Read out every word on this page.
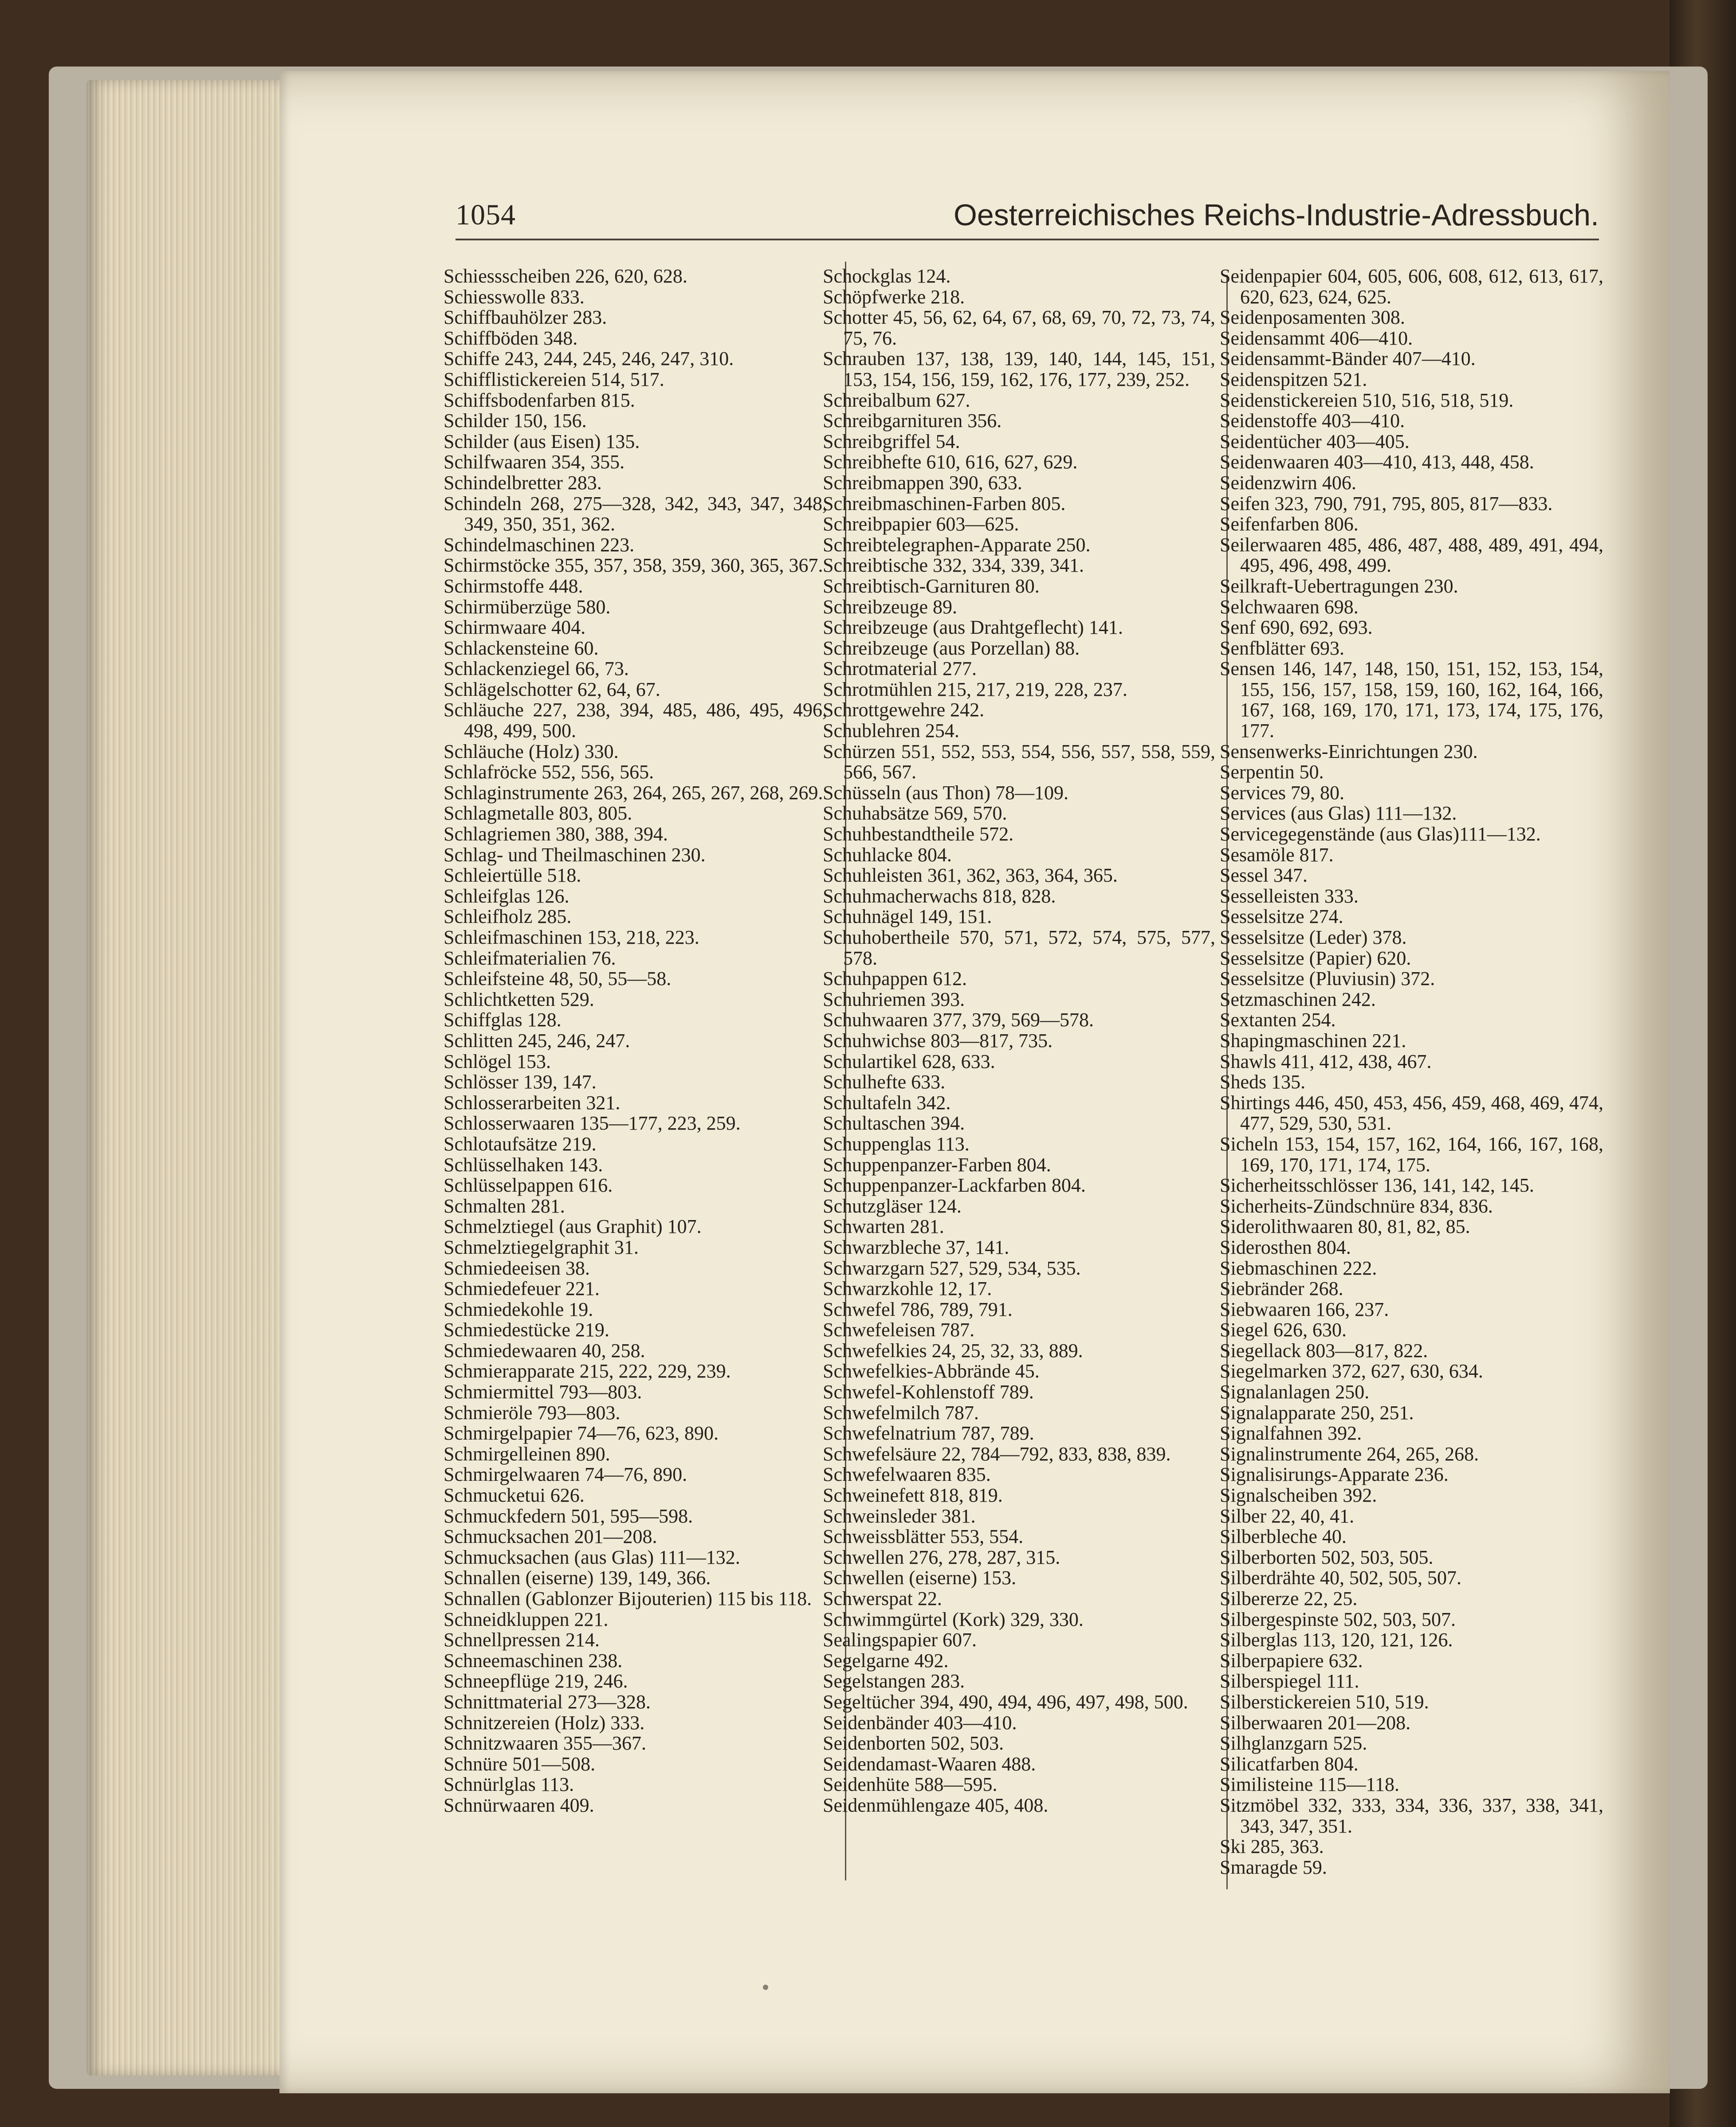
1054	Oesterreichisches Reichs-Industrie-Adressbuch.

Schiessscheiben 226, 620, 628.

Schiesswolle 833.

Schiffbauhölzer 283.

Schiffböden 348.

Schiffe 243, 244, 245, 246, 247, 310.

Schifflistickereien 514, 517.

Schiffsbodenfarben 815.

Schilder 150, 156.

Schilder (aus Eisen) 135.

Schilfwaaren 354, 355.

Schindelbretter 283.

Schindeln 268, 275—328, 342, 343, 347, 348, 349, 350, 351, 362.

Schindelmaschinen 223.

Schirmstöcke 355, 357, 358, 359, 360, 365, 367.

Schirmstoffe 448.

Schirmüberzüge 580.

Schirmwaare 404.

Schlackensteine 60.

Schlackenziegel 66, 73.

Schlägelschotter 62, 64, 67.

Schläuche 227, 238, 394, 485, 486, 495, 496, 498, 499, 500.

Schläuche (Holz) 330.

Schlafröcke 552, 556, 565.

Schlaginstrumente 263, 264, 265, 267, 268, 269.

Schlagmetalle 803, 805.

Schlagriemen 380, 388, 394.

Schlag- und Theilmaschinen 230.

Schleiertülle 518.

Schleifglas 126.

Schleifholz 285.

Schleifmaschinen 153, 218, 223.

Schleifmaterialien 76.

Schleifsteine 48, 50, 55—58.

Schlichtketten 529.

Schiffglas 128.

Schlitten 245, 246, 247.

Schlögel 153.

Schlösser 139, 147.

Schlosserarbeiten 321.

Schlosserwaaren 135—177, 223, 259.

Schlotaufsätze 219.

Schlüsselhaken 143.

Schlüsselpappen 616.

Schmalten 281.

Schmelztiegel (aus Graphit) 107.

Schmelztiegelgraphit 31.

Schmiedeeisen 38.

Schmiedefeuer 221.

Schmiedekohle 19.

Schmiedestücke 219.

Schmiedewaaren 40, 258.

Schmierapparate 215, 222, 229, 239.

Schmiermittel 793—803.

Schmieröle 793—803.

Schmirgelpapier 74—76, 623, 890.

Schmirgelleinen 890.

Schmirgelwaaren 74—76, 890.

Schmucketui 626.

Schmuckfedern 501, 595—598.

Schmucksachen 201—208.

Schmucksachen (aus Glas) 111—132.

Schnallen (eiserne) 139, 149, 366.

Schnallen (Gablonzer Bijouterien) 115 bis 118.

Schneidkluppen 221.

Schnellpressen 214.

Schneemaschinen 238.

Schneepflüge 219, 246.

Schnittmaterial 273—328.

Schnitzereien (Holz) 333.

Schnitzwaaren 355—367.

Schnüre 501—508.

Schnürlglas 113.

Schnürwaaren 409.

Schockglas 124.

Schöpfwerke 218.

Schotter 45, 56, 62, 64, 67, 68, 69, 70, 72, 73, 74, 75, 76.

Schrauben 137, 138, 139, 140, 144, 145, 151, 153, 154, 156, 159, 162, 176, 177, 239, 252.

Schreibalbum 627.

Schreibgarnituren 356.

Schreibgriffel 54.

Schreibhefte 610, 616, 627, 629.

Schreibmappen 390, 633.

Schreibmaschinen-Farben 805.

Schreibpapier 603—625.

Schreibtelegraphen-Apparate 250.

Schreibtische 332, 334, 339, 341.

Schreibtisch-Garnituren 80.

Schreibzeuge 89.

Schreibzeuge (aus Drahtgeflecht) 141.

Schreibzeuge (aus Porzellan) 88.

Schrotmaterial 277.

Schrotmühlen 215, 217, 219, 228, 237.

Schrottgewehre 242.

Schublehren 254.

Schürzen 551, 552, 553, 554, 556, 557, 558, 559, 566, 567.

Schüsseln (aus Thon) 78—109.

Schuhabsätze 569, 570.

Schuhbestandtheile 572.

Schuhlacke 804.

Schuhleisten 361, 362, 363, 364, 365.

Schuhmacherwachs 818, 828.

Schuhnägel 149, 151.

Schuhobertheile 570, 571, 572, 574, 575, 577, 578.

Schuhpappen 612.

Schuhriemen 393.

Schuhwaaren 377, 379, 569—578.

Schuhwichse 803—817, 735.

Schulartikel 628, 633.

Schulhefte 633.

Schultafeln 342.

Schultaschen 394.

Schuppenglas 113.

Schuppenpanzer-Farben 804.

Schuppenpanzer-Lackfarben 804.

Schutzgläser 124.

Schwarten 281.

Schwarzbleche 37, 141.

Schwarzgarn 527, 529, 534, 535.

Schwarzkohle 12, 17.

Schwefel 786, 789, 791.

Schwefeleisen 787.

Schwefelkies 24, 25, 32, 33, 889.

Schwefelkies-Abbrände 45.

Schwefel-Kohlenstoff 789.

Schwefelmilch 787.

Schwefelnatrium 787, 789.

Schwefelsäure 22, 784—792, 833, 838, 839.

Schwefelwaaren 835.

Schweinefett 818, 819.

Schweinsleder 381.

Schweissblätter 553, 554.

Schwellen 276, 278, 287, 315.

Schwellen (eiserne) 153.

Schwerspat 22.

Schwimmgürtel (Kork) 329, 330.

Sealingspapier 607.

Segelgarne 492.

Segelstangen 283.

Segeltücher 394, 490, 494, 496, 497, 498, 500.

Seidenbänder 403—410.

Seidenborten 502, 503.

Seidendamast-Waaren 488.

Seidenhüte 588—595.

Seidenmühlengaze 405, 408.

Seidenpapier 604, 605, 606, 608, 612, 613, 617, 620, 623, 624, 625.

Seidenposamenten 308.

Seidensammt 406—410.

Seidensammt-Bänder 407—410.

Seidenspitzen 521.

Seidenstickereien 510, 516, 518, 519.

Seidenstoffe 403—410.

Seidentücher 403—405.

Seidenwaaren 403—410, 413, 448, 458.

Seidenzwirn 406.

Seifen 323, 790, 791, 795, 805, 817—833.

Seifenfarben 806.

Seilerwaaren 485, 486, 487, 488, 489, 491, 494, 495, 496, 498, 499.

Seilkraft-Uebertragungen 230.

Selchwaaren 698.

Senf 690, 692, 693.

Senfblätter 693.

Sensen 146, 147, 148, 150, 151, 152, 153, 154, 155, 156, 157, 158, 159, 160, 162, 164, 166, 167, 168, 169, 170, 171, 173, 174, 175, 176, 177.

Sensenwerks-Einrichtungen 230.

Serpentin 50.

Services 79, 80.

Services (aus Glas) 111—132.

Servicegegenstände (aus Glas)111—132.

Sesamöle 817.

Sessel 347.

Sesselleisten 333.

Sesselsitze 274.

Sesselsitze (Leder) 378.

Sesselsitze (Papier) 620.

Sesselsitze (Pluviusin) 372.

Setzmaschinen 242.

Sextanten 254.

Shapingmaschinen 221.

Shawls 411, 412, 438, 467.

Sheds 135.

Shirtings 446, 450, 453, 456, 459, 468, 469, 474, 477, 529, 530, 531.

Sicheln 153, 154, 157, 162, 164, 166, 167, 168, 169, 170, 171, 174, 175.

Sicherheitsschlösser 136, 141, 142, 145.

Sicherheits-Zündschnüre 834, 836.

Siderolithwaaren 80, 81, 82, 85.

Siderosthen 804.

Siebmaschinen 222.

Siebränder 268.

Siebwaaren 166, 237.

Siegel 626, 630.

Siegellack 803—817, 822.

Siegelmarken 372, 627, 630, 634.

Signalanlagen 250.

Signalapparate 250, 251.

Signalfahnen 392.

Signalinstrumente 264, 265, 268.

Signalisirungs-Apparate 236.

Signalscheiben 392.

Silber 22, 40, 41.

Silberbleche 40.

Silberborten 502, 503, 505.

Silberdrähte 40, 502, 505, 507.

Silbererze 22, 25.

Silbergespinste 502, 503, 507.

Silberglas 113, 120, 121, 126.

Silberpapiere 632.

Silberspiegel 111.

Silberstickereien 510, 519.

Silberwaaren 201—208.

Silhglanzgarn 525.

Silicatfarben 804.

Similisteine 115—118.

Sitzmöbel 332, 333, 334, 336, 337, 338, 341, 343, 347, 351.

Ski 285, 363.

Smaragde 59.
